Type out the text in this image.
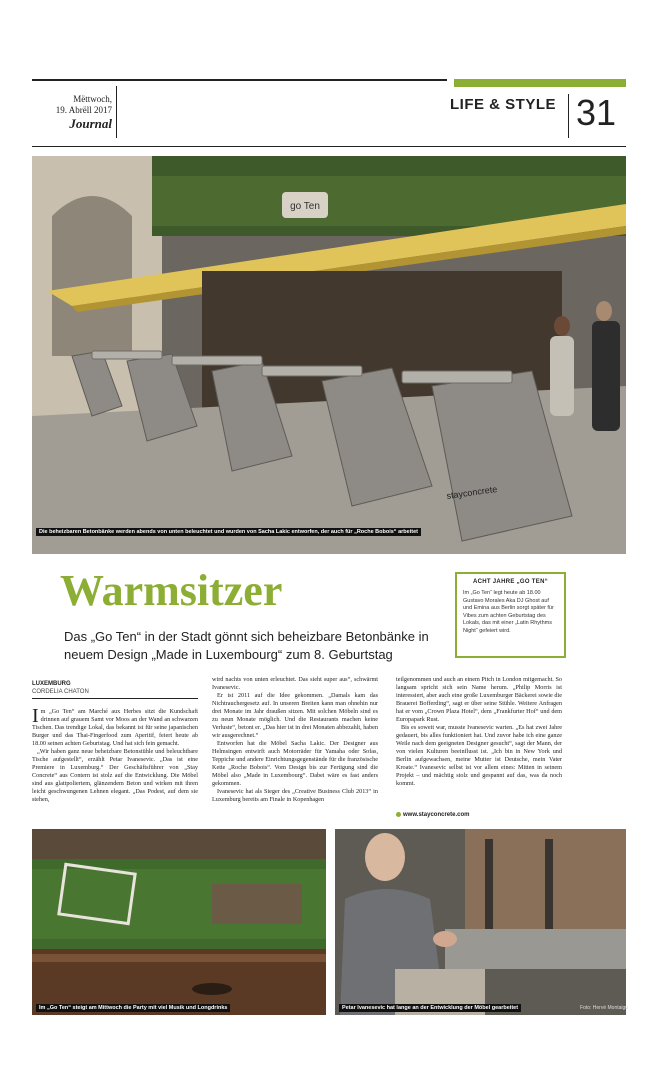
Mëttwoch,
19. Abrëll 2017
Journal
LIFE & STYLE 31
go Ten
stayconcrete
Die beheizbaren Betonbänke werden abends von unten beleuchtet und wurden von Sacha Lakic entworfen, der auch für „Roche Bobois“ arbeitet
Warmsitzer
Das „Go Ten“ in der Stadt gönnt sich beheizbare Betonbänke in neuem Design „Made in Luxembourg“ zum 8. Geburtstag
ACHT JAHRE „GO TEN“
Im „Go Ten“ legt heute ab 18.00 Gustavo Morales Aka DJ Ghost auf und Emina aus Berlin sorgt später für Vibes zum achten Geburtstag des Lokals, das mit einer „Latin Rhythms Night“ gefeiert wird.
LUXEMBURG
CORDELIA CHATON
I m „Go Ten“ am Marché aux Herbes sitzt die Kundschaft drinnen auf grauem Samt vor Moos an der Wand an schwarzen Tischen. Das trendige Lokal, das bekannt ist für seine japanischen Burger und das Thai-Fingerfood zum Aperitif, feiert heute ab 18.00 seinen achten Geburtstag. Und hat sich fein gemacht.

„Wir haben ganz neue beheizbare Betonstühle und beleuchtbare Tische aufgestellt“, erzählt Petar Ivanesevic. „Das ist eine Premiere in Luxemburg.“ Der Geschäftsführer von „Stay Concrete“ aus Contern ist stolz auf die Entwicklung. Die Möbel sind aus glattpoliertem, glänzendem Beton und wirken mit ihren leicht geschwungenen Lehnen elegant. „Das Podest, auf dem sie stehen,

wird nachts von unten erleuchtet. Das sieht super aus“, schwärmt Ivanesevic.

Er ist 2011 auf die Idee gekommen. „Damals kam das Nichtrauchergesetz auf. In unseren Breiten kann man ohnehin nur drei Monate im Jahr draußen sitzen. Mit solchen Möbeln sind es zu neun Monate möglich. Und die Restaurants machen keine Verluste“, betont er. „Das hier ist in drei Monaten abbezahlt, haben wir ausgerechnet.“

Entworfen hat die Möbel Sacha Lakic. Der Designer aus Helmsingen entwirft auch Motorräder für Yamaha oder Sofas, Teppiche und andere Einrichtungsgegenstände für die französische Kette „Roche Bobois“. Vom Design bis zur Fertigung sind die Möbel also „Made in Luxembourg“. Dabei wäre es fast anders gekommen.

Ivanesevic hat als Sieger des „Creative Business Club 2013“ in Luxemburg bereits am Finale in Kopenhagen

teilgenommen und auch an einem Pitch in London mitgemacht. So langsam spricht sich sein Name herum. „Philip Morris ist interessiert, aber auch eine große Luxemburger Bäckerei sowie die Brauerei Bofferding“, sagt er über seine Stühle. Weitere Anfragen hat er vom „Crown Plaza Hotel“, dem „Frankfurter Hof“ und dem Europapark Rust.

Bis es soweit war, musste Ivanesevic warten. „Es hat zwei Jahre gedauert, bis alles funktioniert hat. Und zuvor habe ich eine ganze Weile nach dem geeigneten Designer gesucht“, sagt der Mann, der von vielen Kulturen beeinflusst ist. „Ich bin in New York und Berlin aufgewachsen, meine Mutter ist Deutsche, mein Vater Kroate.“ Ivanesevic selbst ist vor allem eines: Mitten in seinem Projekt – und mächtig stolz und gespannt auf das, was da noch kommt.

www.stayconcrete.com
Im „Go Ten“ steigt am Mittwoch die Party mit viel Musik und Longdrinks	Petar Ivanesevic hat lange an der Entwicklung der Möbel gearbeitet	Foto: Hervé Montaigu
